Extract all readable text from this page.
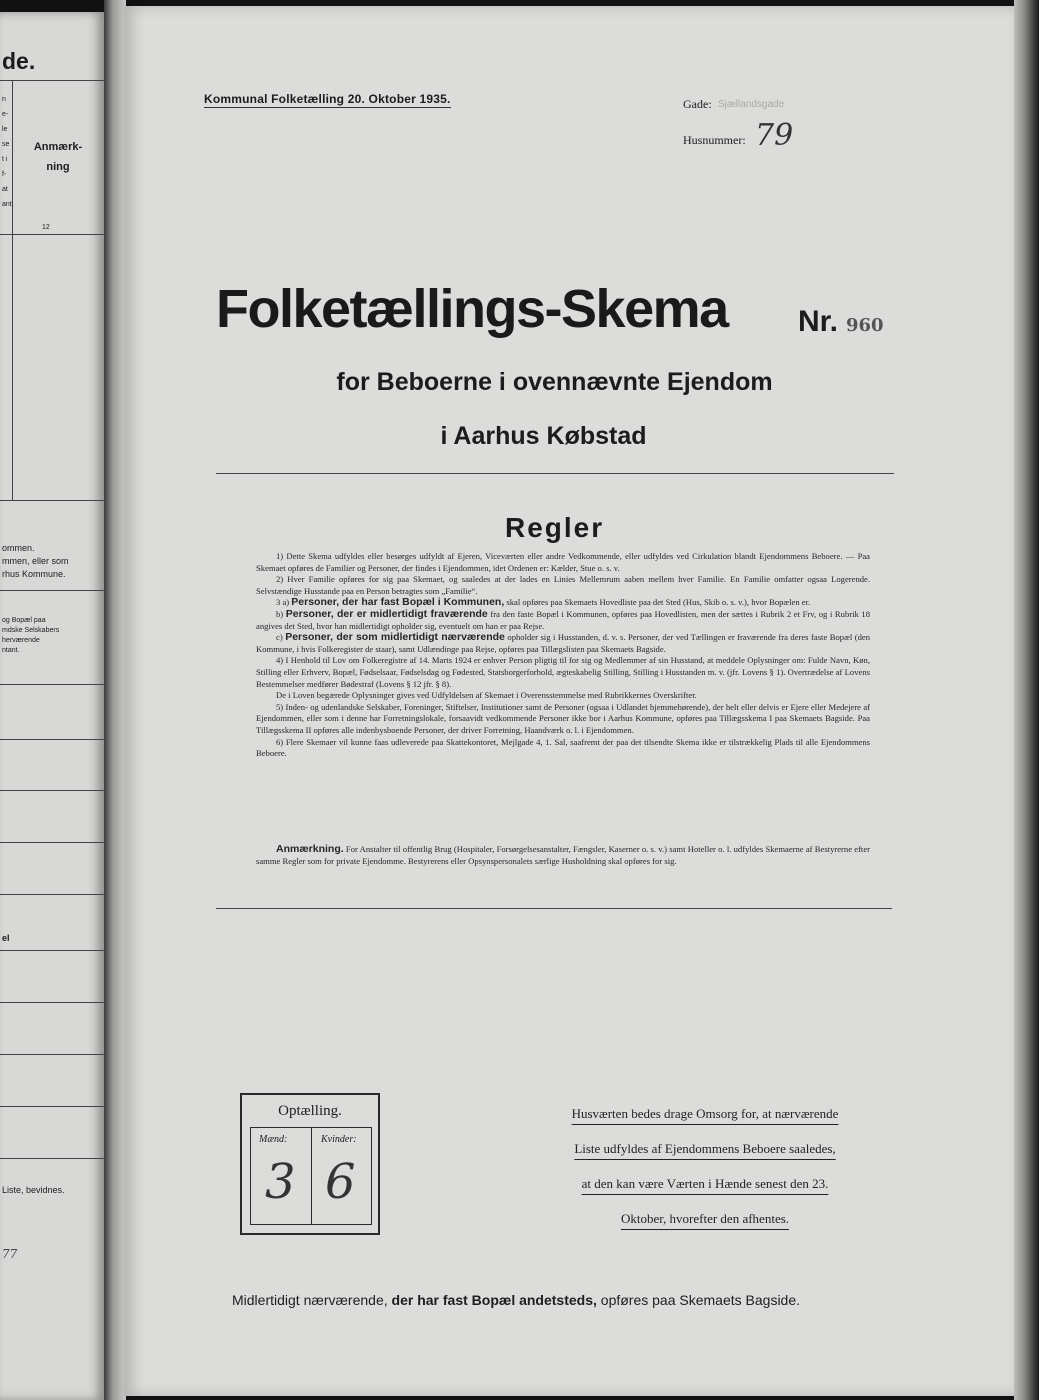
de.
n
e-
le
se
t i
f-
at
ant.
Anmærk-
ning
12
ommen.
mmen, eller som
rhus Kommune.
og Bopæl paa
mdske Selskabers
herværende
ntant.
el
Liste, bevidnes.
77
Kommunal Folketælling 20. Oktober 1935.	Gade: Sjællandsgade
Husnummer: 79
Folketællings-Skema Nr. 960
for Beboerne i ovennævnte Ejendom
i Aarhus Købstad
Regler

1) Dette Skema udfyldes eller besørges udfyldt af Ejeren, Viceværten eller andre Vedkommende, eller udfyldes ved Cirkulation blandt Ejendommens Beboere. — Paa Skemaet opføres de Familier og Personer, der findes i Ejendommen, idet Ordenen er: Kælder, Stue o. s. v.

2) Hver Familie opføres for sig paa Skemaet, og saaledes at der lades en Linies Mellemrum aaben mellem hver Familie. En Familie omfatter ogsaa Logerende. Selvstændige Husstande paa en Person betragtes som „Familie“.

3 a) Personer, der har fast Bopæl i Kommunen, skal opføres paa Skemaets Hovedliste paa det Sted (Hus, Skib o. s. v.), hvor Bopælen er.

b) Personer, der er midlertidigt fraværende fra den faste Bopæl i Kommunen, opføres paa Hovedlisten, men der sættes i Rubrik 2 et Frv, og i Rubrik 18 angives det Sted, hvor han midlertidigt opholder sig, eventuelt om han er paa Rejse.

c) Personer, der som midlertidigt nærværende opholder sig i Husstanden, d. v. s. Personer, der ved Tællingen er fraværende fra deres faste Bopæl (den Kommune, i hvis Folkeregister de staar), samt Udlændinge paa Rejse, opføres paa Tillægslisten paa Skemaets Bagside.

4) I Henhold til Lov om Folkeregistre af 14. Marts 1924 er enhver Person pligtig til for sig og Medlemmer af sin Husstand, at meddele Oplysninger om: Fulde Navn, Køn, Stilling eller Erhverv, Bopæl, Fødselsaar, Fødselsdag og Fødested, Statsborgerforhold, ægteskabelig Stilling, Stilling i Husstanden m. v. (jfr. Lovens § 1). Overtrædelse af Lovens Bestemmelser medfører Bødestraf (Lovens § 12 jfr. § 8).

De i Loven begærede Oplysninger gives ved Udfyldelsen af Skemaet i Overensstemmelse med Rubrikkernes Overskrifter.

5) Inden- og udenlandske Selskaber, Foreninger, Stiftelser, Institutioner samt de Personer (ogsaa i Udlandet hjemmehørende), der helt eller delvis er Ejere eller Medejere af Ejendommen, eller som i denne har Forretningslokale, forsaavidt vedkommende Personer ikke bor i Aarhus Kommune, opføres paa Tillægsskema I paa Skemaets Bagside. Paa Tillægsskema II opføres alle indenbysboende Personer, der driver Forretning, Haandværk o. l. i Ejendommen.

6) Flere Skemaer vil kunne faas udleverede paa Skattekontoret, Mejlgade 4, 1. Sal, saafremt der paa det tilsendte Skema ikke er tilstrækkelig Plads til alle Ejendommens Beboere.

Anmærkning. For Anstalter til offentlig Brug (Hospitaler, Forsørgelsesanstalter, Fængsler, Kaserner o. s. v.) samt Hoteller o. l. udfyldes Skemaerne af Bestyrerne efter samme Regler som for private Ejendomme. Bestyrerens eller Opsynspersonalets særlige Husholdning skal opføres for sig.

Optælling.
Mænd:	Kvinder:
3 6
Husværten bedes drage Omsorg for, at nærværende
Liste udfyldes af Ejendommens Beboere saaledes,
at den kan være Værten i Hænde senest den 23.
Oktober, hvorefter den afhentes.
Midlertidigt nærværende, der har fast Bopæl andetsteds, opføres paa Skemaets Bagside.
